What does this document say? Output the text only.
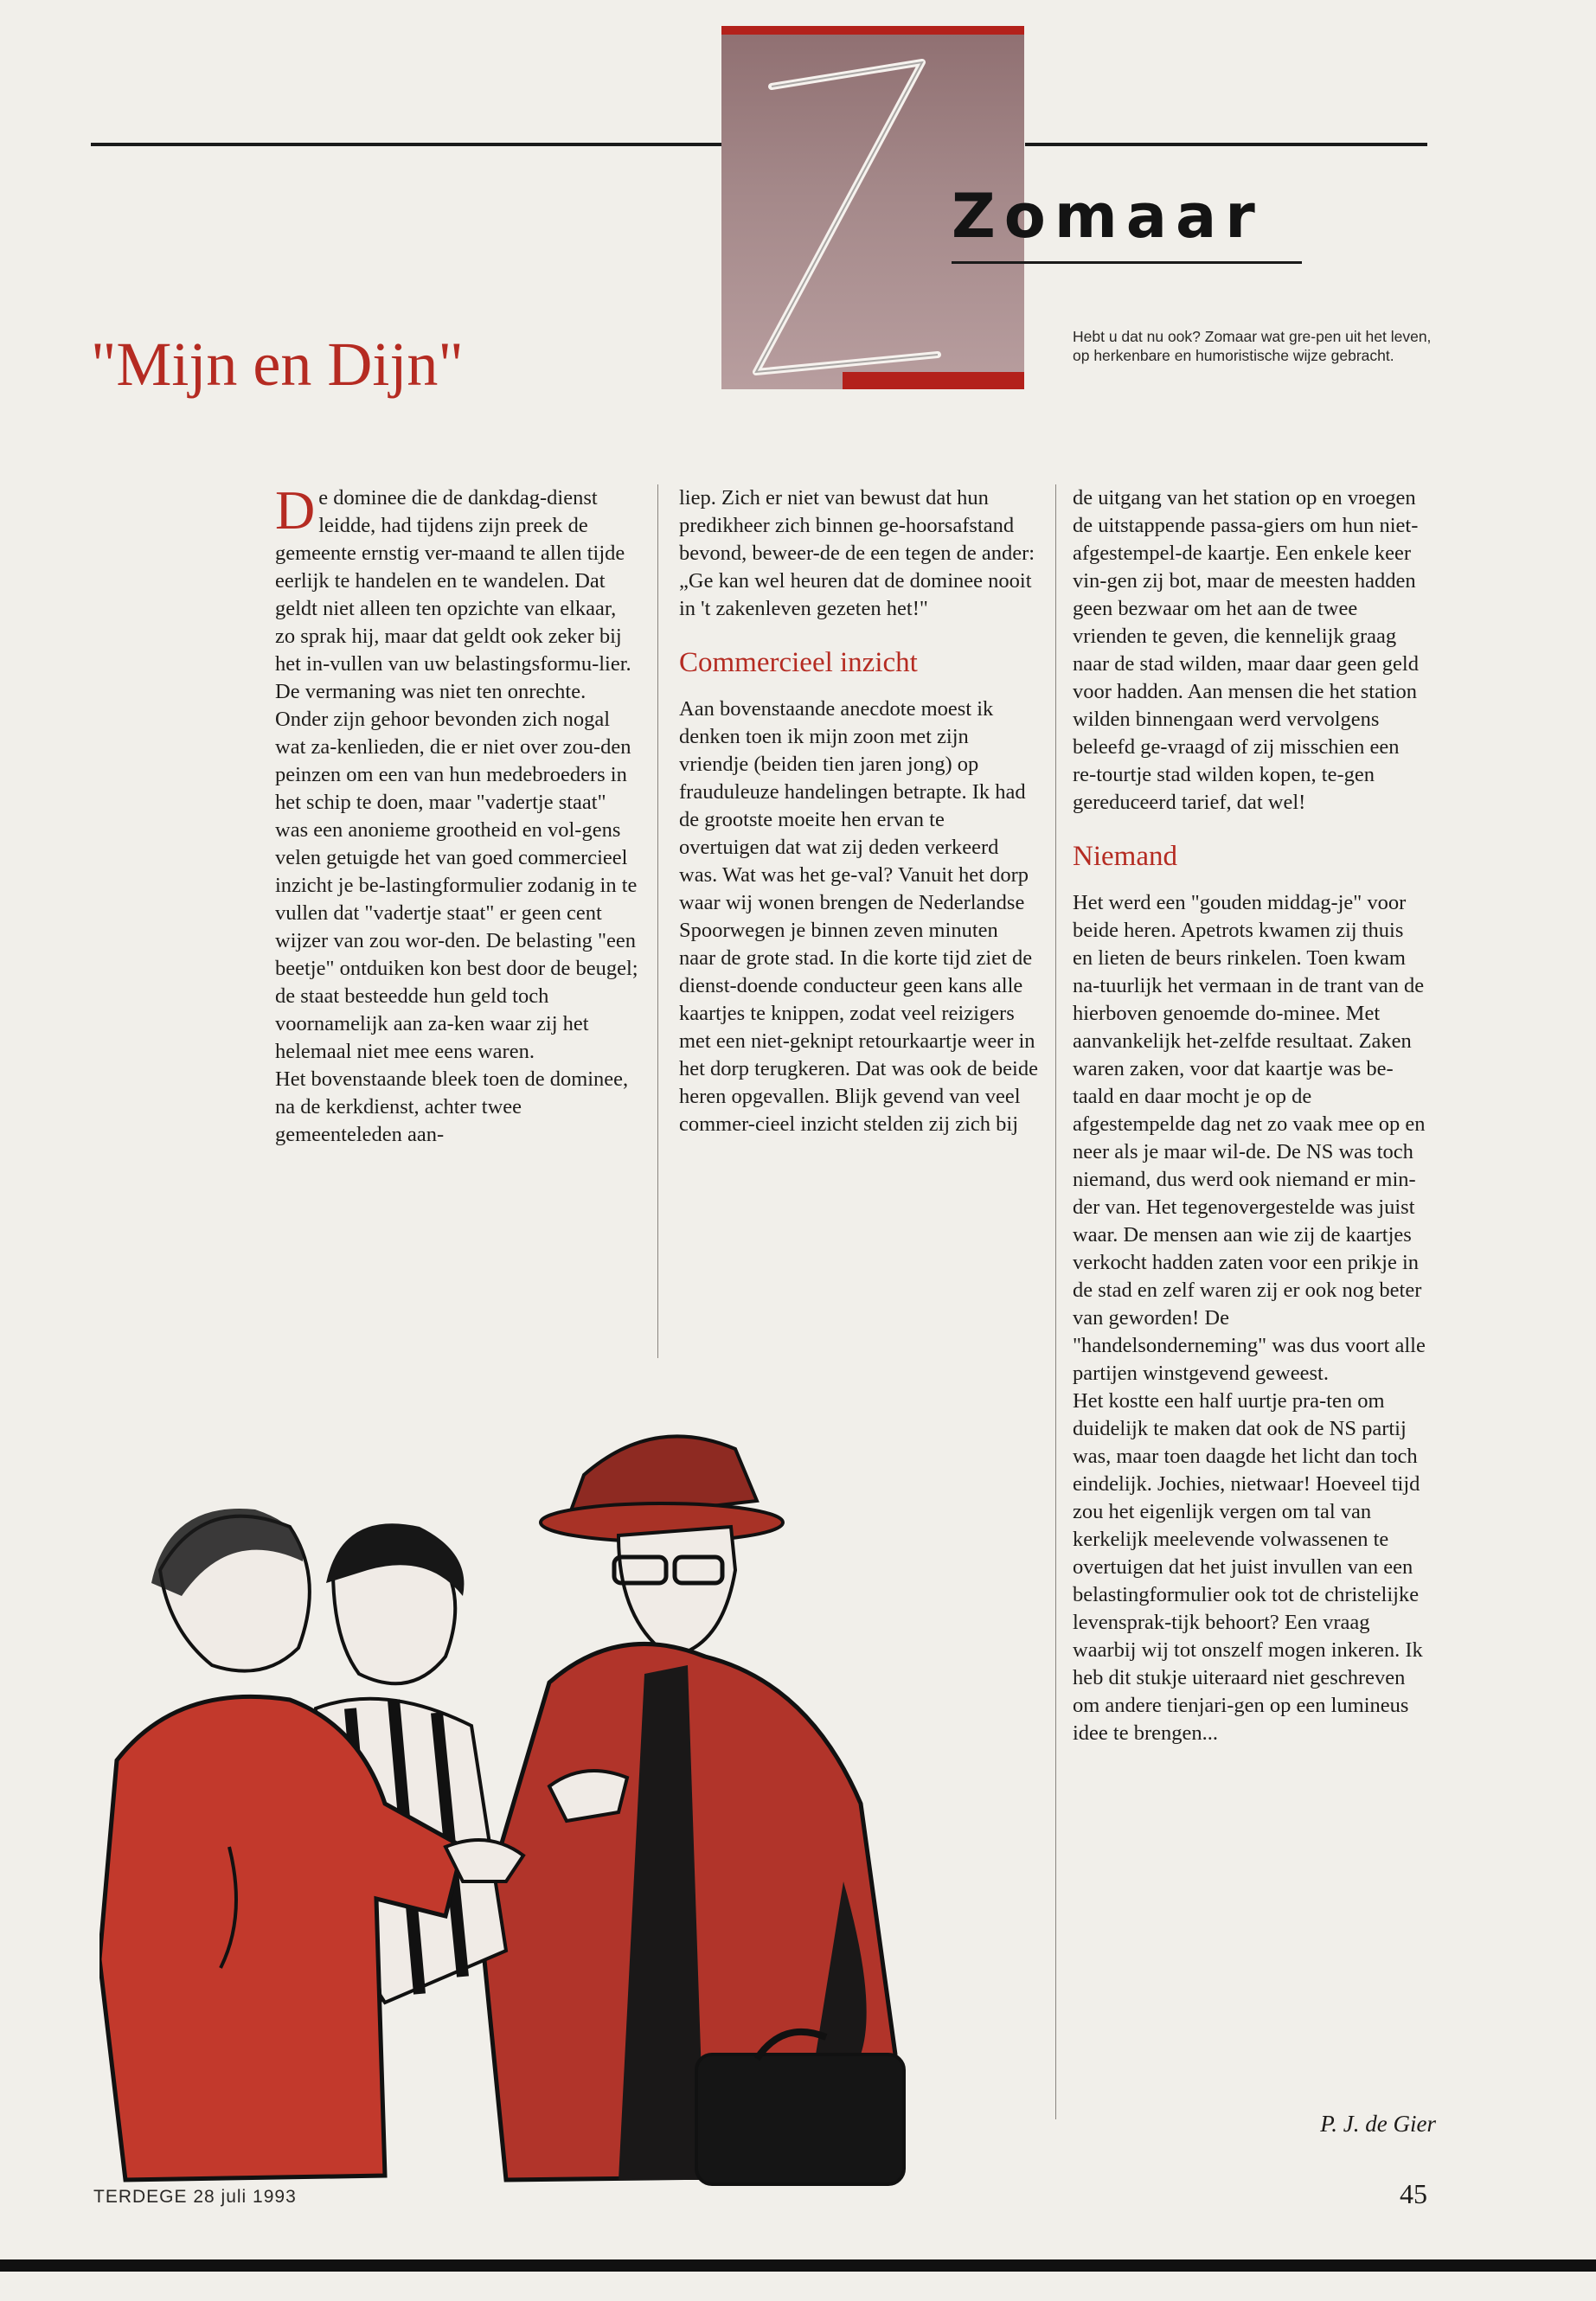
Zomaar
Hebt u dat nu ook? Zomaar wat gre-pen uit het leven, op herkenbare en humoristische wijze gebracht.
"Mijn en Dijn"

De dominee die de dankdag-dienst leidde, had tijdens zijn preek de gemeente ernstig ver-maand te allen tijde eerlijk te handelen en te wandelen. Dat geldt niet alleen ten opzichte van elkaar, zo sprak hij, maar dat geldt ook zeker bij het in-vullen van uw belastingsformu-lier. De vermaning was niet ten onrechte. Onder zijn gehoor bevonden zich nogal wat za-kenlieden, die er niet over zou-den peinzen om een van hun medebroeders in het schip te doen, maar "vadertje staat" was een anonieme grootheid en vol-gens velen getuigde het van goed commercieel inzicht je be-lastingformulier zodanig in te vullen dat "vadertje staat" er geen cent wijzer van zou wor-den. De belasting "een beetje" ontduiken kon best door de beugel; de staat besteedde hun geld toch voornamelijk aan za-ken waar zij het helemaal niet mee eens waren.

Het bovenstaande bleek toen de dominee, na de kerkdienst, achter twee gemeenteleden aan-

liep. Zich er niet van bewust dat hun predikheer zich binnen ge-hoorsafstand bevond, beweer-de de een tegen de ander: „Ge kan wel heuren dat de dominee nooit in 't zakenleven gezeten het!"

Commercieel inzicht

Aan bovenstaande anecdote moest ik denken toen ik mijn zoon met zijn vriendje (beiden tien jaren jong) op frauduleuze handelingen betrapte. Ik had de grootste moeite hen ervan te overtuigen dat wat zij deden verkeerd was. Wat was het ge-val? Vanuit het dorp waar wij wonen brengen de Nederlandse Spoorwegen je binnen zeven minuten naar de grote stad. In die korte tijd ziet de dienst-doende conducteur geen kans alle kaartjes te knippen, zodat veel reizigers met een niet-geknipt retourkaartje weer in het dorp terugkeren. Dat was ook de beide heren opgevallen. Blijk gevend van veel commer-cieel inzicht stelden zij zich bij

de uitgang van het station op en vroegen de uitstappende passa-giers om hun niet-afgestempel-de kaartje. Een enkele keer vin-gen zij bot, maar de meesten hadden geen bezwaar om het aan de twee vrienden te geven, die kennelijk graag naar de stad wilden, maar daar geen geld voor hadden. Aan mensen die het station wilden binnengaan werd vervolgens beleefd ge-vraagd of zij misschien een re-tourtje stad wilden kopen, te-gen gereduceerd tarief, dat wel!

Niemand

Het werd een "gouden middag-je" voor beide heren. Apetrots kwamen zij thuis en lieten de beurs rinkelen. Toen kwam na-tuurlijk het vermaan in de trant van de hierboven genoemde do-minee. Met aanvankelijk het-zelfde resultaat. Zaken waren zaken, voor dat kaartje was be-taald en daar mocht je op de afgestempelde dag net zo vaak mee op en neer als je maar wil-de. De NS was toch niemand, dus werd ook niemand er min-der van. Het tegenovergestelde was juist waar. De mensen aan wie zij de kaartjes verkocht hadden zaten voor een prikje in de stad en zelf waren zij er ook nog beter van geworden! De "handelsonderneming" was dus voort alle partijen winstgevend geweest.

Het kostte een half uurtje pra-ten om duidelijk te maken dat ook de NS partij was, maar toen daagde het licht dan toch eindelijk. Jochies, nietwaar! Hoeveel tijd zou het eigenlijk vergen om tal van kerkelijk meelevende volwassenen te overtuigen dat het juist invullen van een belastingformulier ook tot de christelijke levensprak-tijk behoort? Een vraag waarbij wij tot onszelf mogen inkeren. Ik heb dit stukje uiteraard niet geschreven om andere tienjari-gen op een lumineus idee te brengen...

P. J. de Gier
TERDEGE 28 juli 1993	45
